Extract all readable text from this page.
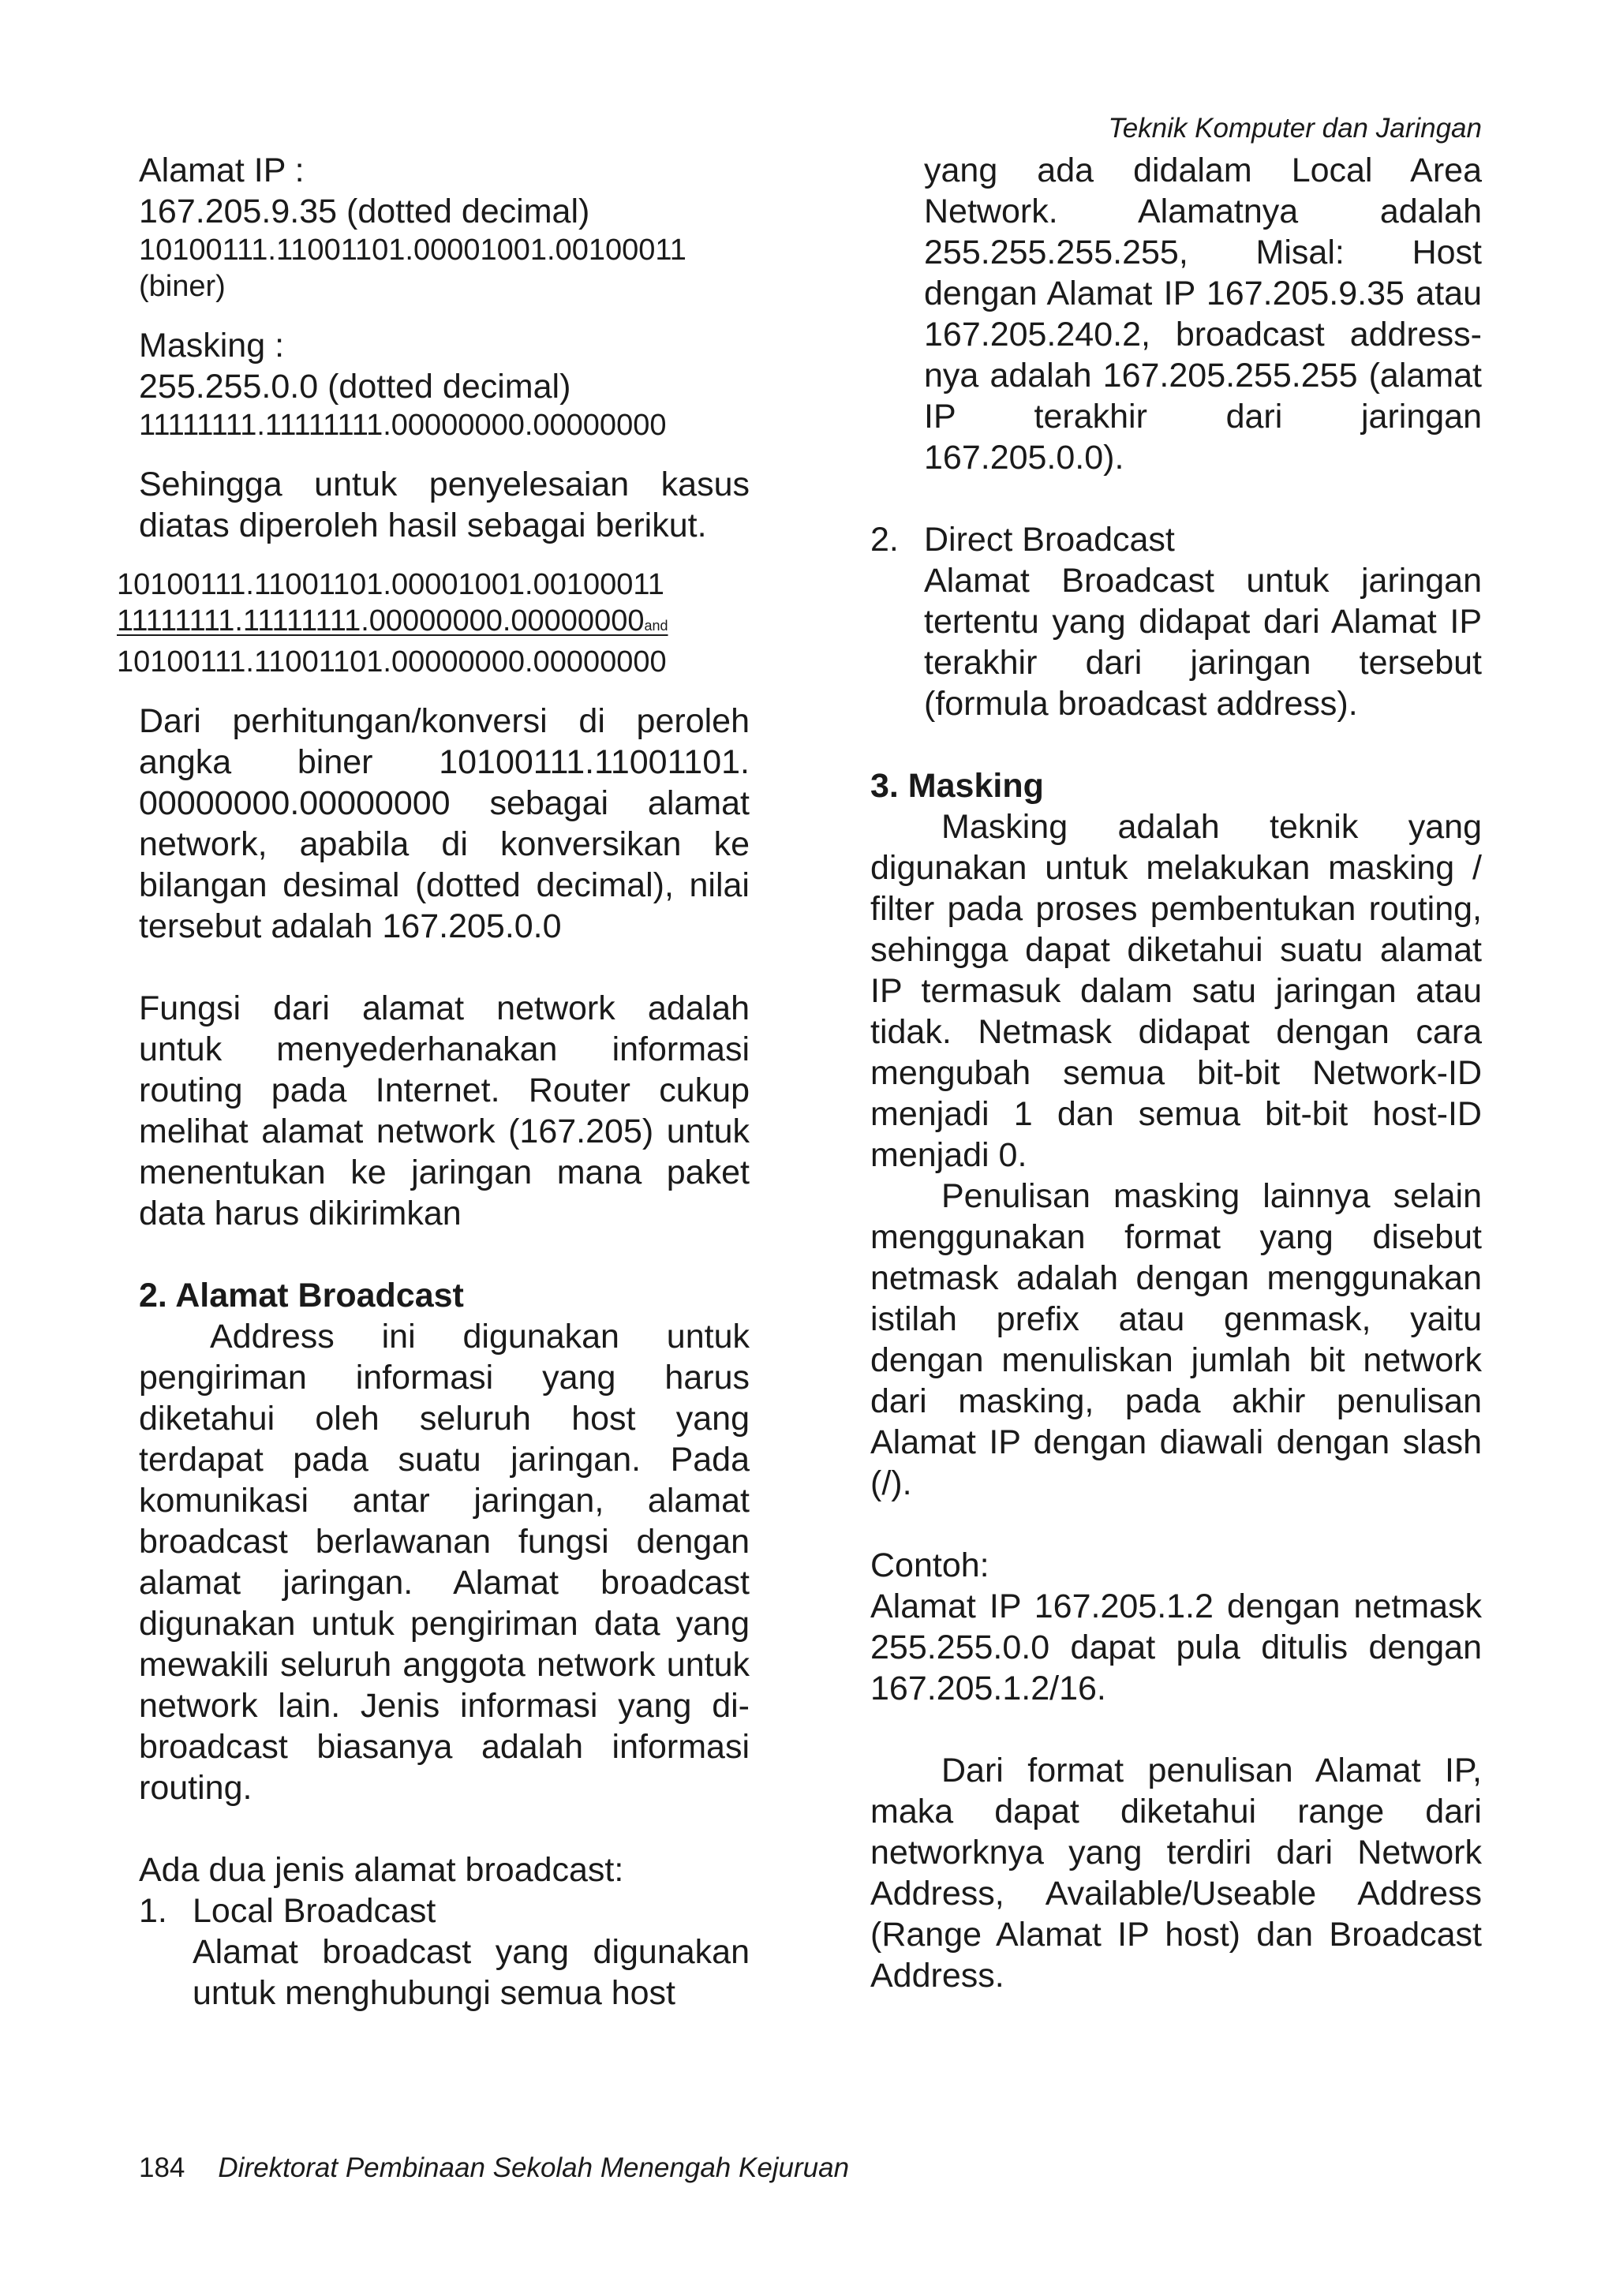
Teknik Komputer dan Jaringan

Alamat IP :

167.205.9.35 (dotted decimal)

10100111.11001101.00001001.00100011

(biner)

Masking :

255.255.0.0 (dotted decimal)

11111111.11111111.00000000.00000000

Sehingga untuk penyelesaian kasus diatas diperoleh hasil sebagai berikut.

10100111.11001101.00001001.00100011
11111111.11111111.00000000.00000000and
10100111.11001101.00000000.00000000

Dari perhitungan/konversi di peroleh angka biner 10100111.11001101. 00000000.00000000 sebagai alamat network, apabila di konversikan ke bilangan desimal (dotted decimal), nilai tersebut adalah 167.205.0.0

Fungsi dari alamat network adalah untuk menyederhanakan informasi routing pada Internet. Router cukup melihat alamat network (167.205) untuk menentukan ke jaringan mana paket data harus dikirimkan

2. Alamat Broadcast

Address ini digunakan untuk pengiriman informasi yang harus diketahui oleh seluruh host yang terdapat pada suatu jaringan. Pada komunikasi antar jaringan, alamat broadcast berlawanan fungsi dengan alamat jaringan. Alamat broadcast digunakan untuk pengiriman data yang mewakili seluruh anggota network untuk network lain. Jenis informasi yang di-broadcast biasanya adalah informasi routing.

Ada dua jenis alamat broadcast:

1. Local Broadcast

Alamat broadcast yang digunakan untuk menghubungi semua host

yang ada didalam Local Area Network. Alamatnya adalah 255.255.255.255, Misal: Host dengan Alamat IP 167.205.9.35 atau 167.205.240.2, broadcast address-nya adalah 167.205.255.255 (alamat IP terakhir dari jaringan 167.205.0.0).

2. Direct Broadcast

Alamat Broadcast untuk jaringan tertentu yang didapat dari Alamat IP terakhir dari jaringan tersebut (formula broadcast address).

3. Masking

Masking adalah teknik yang digunakan untuk melakukan masking / filter pada proses pembentukan routing, sehingga dapat diketahui suatu alamat IP termasuk dalam satu jaringan atau tidak. Netmask didapat dengan cara mengubah semua bit-bit Network-ID menjadi 1 dan semua bit-bit host-ID menjadi 0.

Penulisan masking lainnya selain menggunakan format yang disebut netmask adalah dengan menggunakan istilah prefix atau genmask, yaitu dengan menuliskan jumlah bit network dari masking, pada akhir penulisan Alamat IP dengan diawali dengan slash (/).

Contoh:

Alamat IP 167.205.1.2 dengan netmask 255.255.0.0 dapat pula ditulis dengan 167.205.1.2/16.

Dari format penulisan Alamat IP, maka dapat diketahui range dari networknya yang terdiri dari Network Address, Available/Useable Address (Range Alamat IP host) dan Broadcast Address.

184 Direktorat Pembinaan Sekolah Menengah Kejuruan
